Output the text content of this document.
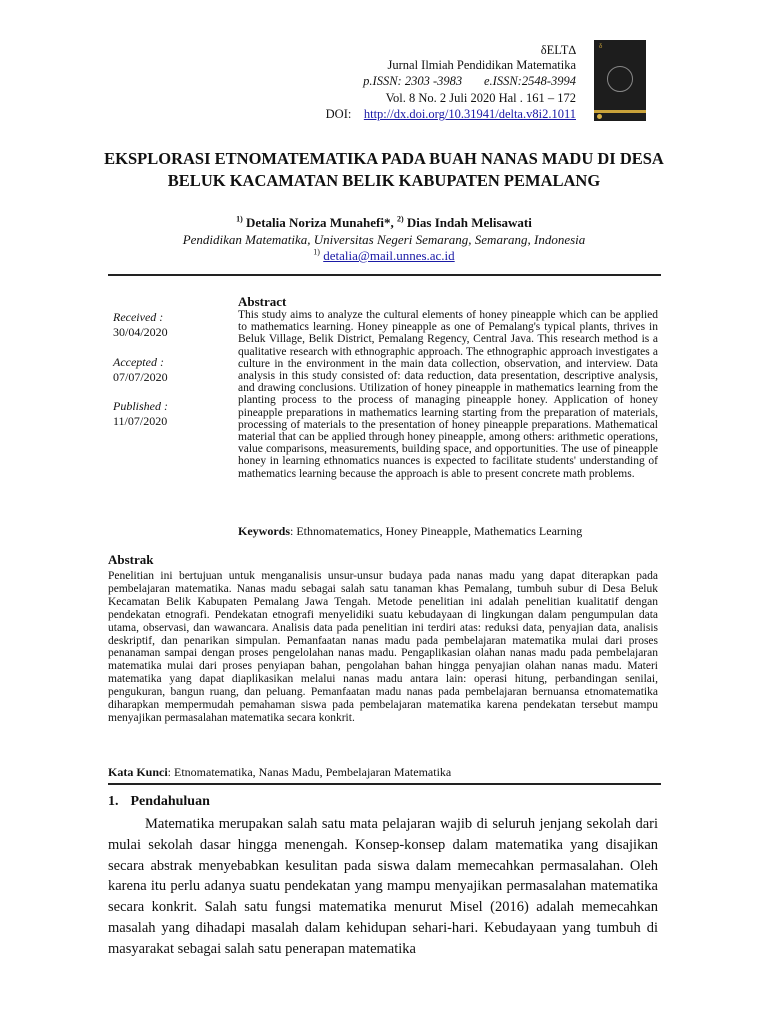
δELT∆
Jurnal Ilmiah Pendidikan Matematika
p.ISSN: 2303 -3983       e.ISSN:2548-3994
Vol. 8 No. 2 Juli 2020 Hal . 161 – 172
DOI: http://dx.doi.org/10.31941/delta.v8i2.1011
δ
EKSPLORASI ETNOMATEMATIKA PADA BUAH NANAS MADU DI DESA BELUK KACAMATAN BELIK KABUPATEN PEMALANG
$^{1)}$ Detalia Noriza Munahefi*, $^{2)}$ Dias Indah Melisawati
Pendidikan Matematika, Universitas Negeri Semarang, Semarang, Indonesia
$^{1)}$ detalia@mail.unnes.ac.id
Received :
30/04/2020
Accepted :
07/07/2020
Published :
11/07/2020
Abstract
This study aims to analyze the cultural elements of honey pineapple which can be applied to mathematics learning. Honey pineapple as one of Pemalang's typical plants, thrives in Beluk Village, Belik District, Pemalang Regency, Central Java. This research method is a qualitative research with ethnographic approach. The ethnographic approach investigates a culture in the environment in the main data collection, observation, and interview. Data analysis in this study consisted of: data reduction, data presentation, descriptive analysis, and drawing conclusions. Utilization of honey pineapple in mathematics learning from the planting process to the process of managing pineapple honey. Application of honey pineapple preparations in mathematics learning starting from the preparation of materials, processing of materials to the presentation of honey pineapple preparations. Mathematical material that can be applied through honey pineapple, among others: arithmetic operations, value comparisons, measurements, building space, and opportunities. The use of pineapple honey in learning ethnomatics nuances is expected to facilitate students' understanding of mathematics learning because the approach is able to present concrete math problems.
Keywords: Ethnomatematics, Honey Pineapple, Mathematics Learning
Abstrak
Penelitian ini bertujuan untuk menganalisis unsur-unsur budaya pada nanas madu yang dapat diterapkan pada pembelajaran matematika. Nanas madu sebagai salah satu tanaman khas Pemalang, tumbuh subur di Desa Beluk Kecamatan Belik Kabupaten Pemalang Jawa Tengah. Metode penelitian ini adalah penelitian kualitatif dengan pendekatan etnografi. Pendekatan etnografi menyelidiki suatu kebudayaan di lingkungan dalam pengumpulan data utama, observasi, dan wawancara. Analisis data pada penelitian ini terdiri atas: reduksi data, penyajian data, analisis deskriptif, dan penarikan simpulan. Pemanfaatan nanas madu pada pembelajaran matematika mulai dari proses penanaman sampai dengan proses pengelolahan nanas madu. Pengaplikasian olahan nanas madu pada pembelajaran matematika mulai dari proses penyiapan bahan, pengolahan bahan hingga penyajian olahan nanas madu. Materi matematika yang dapat diaplikasikan melalui nanas madu antara lain: operasi hitung, perbandingan senilai, pengukuran, bangun ruang, dan peluang. Pemanfaatan madu nanas pada pembelajaran bernuansa etnomatematika diharapkan mempermudah pemahaman siswa pada pembelajaran matematika karena pendekatan tersebut mampu menyajikan permasalahan matematika secara konkrit.
Kata Kunci: Etnomatematika, Nanas Madu, Pembelajaran Matematika
1. Pendahuluan
Matematika merupakan salah satu mata pelajaran wajib di seluruh jenjang sekolah dari mulai sekolah dasar hingga menengah. Konsep-konsep dalam matematika yang disajikan secara abstrak menyebabkan kesulitan pada siswa dalam memecahkan permasalahan. Oleh karena itu perlu adanya suatu pendekatan yang mampu menyajikan permasalahan matematika secara konkrit. Salah satu fungsi matematika menurut Misel (2016) adalah memecahkan masalah yang dihadapi masalah dalam kehidupan sehari-hari. Kebudayaan yang tumbuh di masyarakat sebagai salah satu penerapan matematika
